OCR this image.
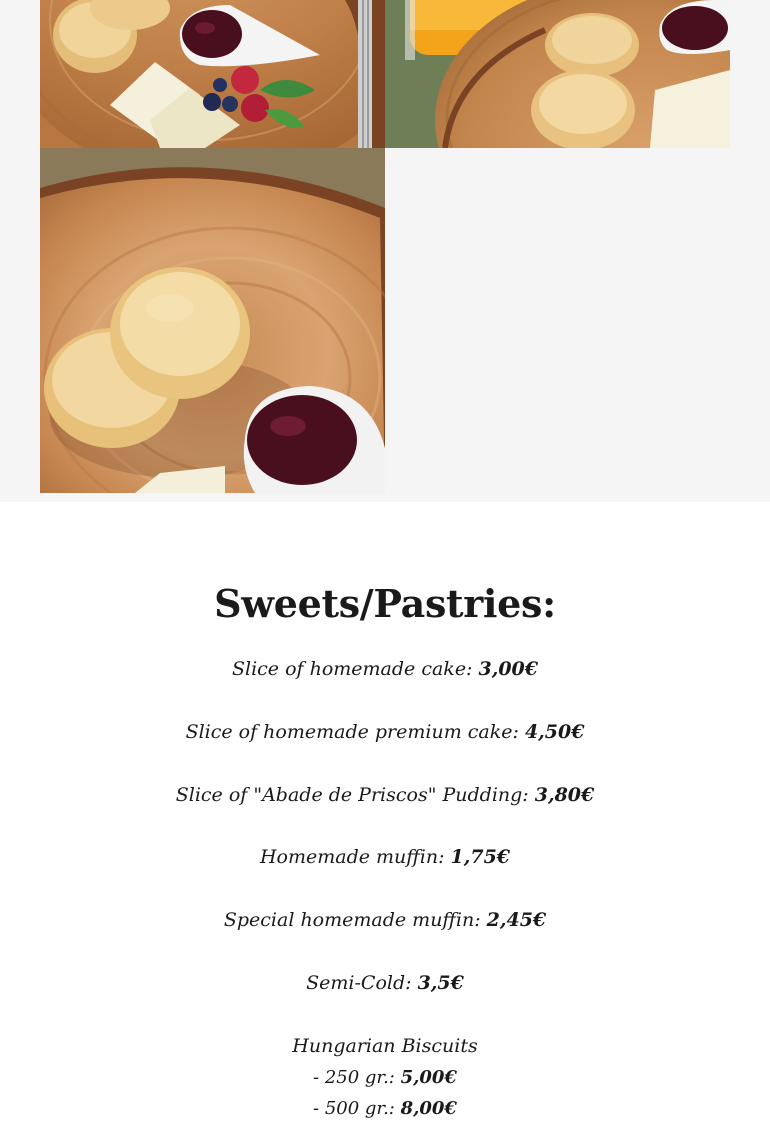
Sweets/Pastries:
Slice of homemade cake: 3,00€
Slice of homemade premium cake: 4,50€
Slice of "Abade de Priscos" Pudding: 3,80€
Homemade muffin: 1,75€
Special homemade muffin: 2,45€
Semi-Cold: 3,5€
Hungarian Biscuits
- 250 gr.: 5,00€
- 500 gr.: 8,00€
